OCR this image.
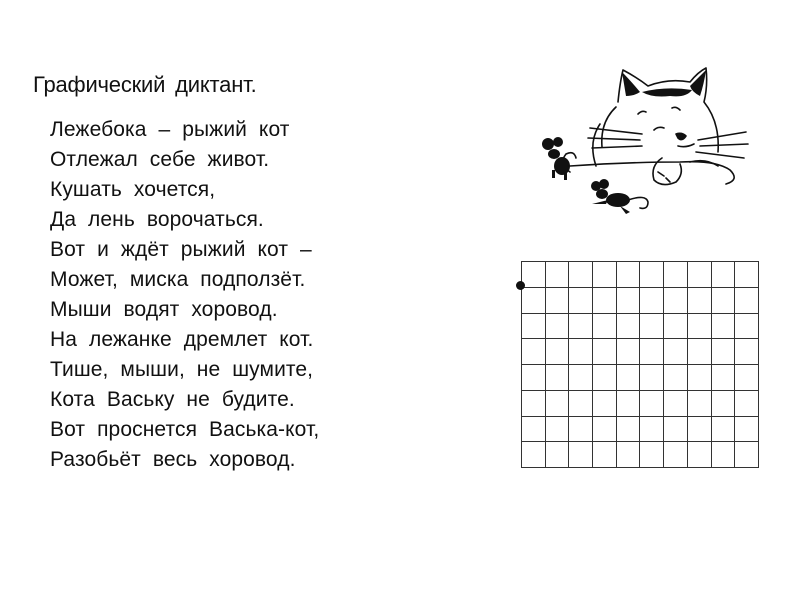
Графический диктант.
Лежебока – рыжий кот
Отлежал себе живот.
Кушать хочется,
Да лень ворочаться.
Вот и ждёт рыжий кот –
Может, миска подползёт.
Мыши водят хоровод.
На лежанке дремлет кот.
Тише, мыши, не шумите,
Кота Ваську не будите.
Вот проснется Васька-кот,
Разобьёт весь хоровод.
